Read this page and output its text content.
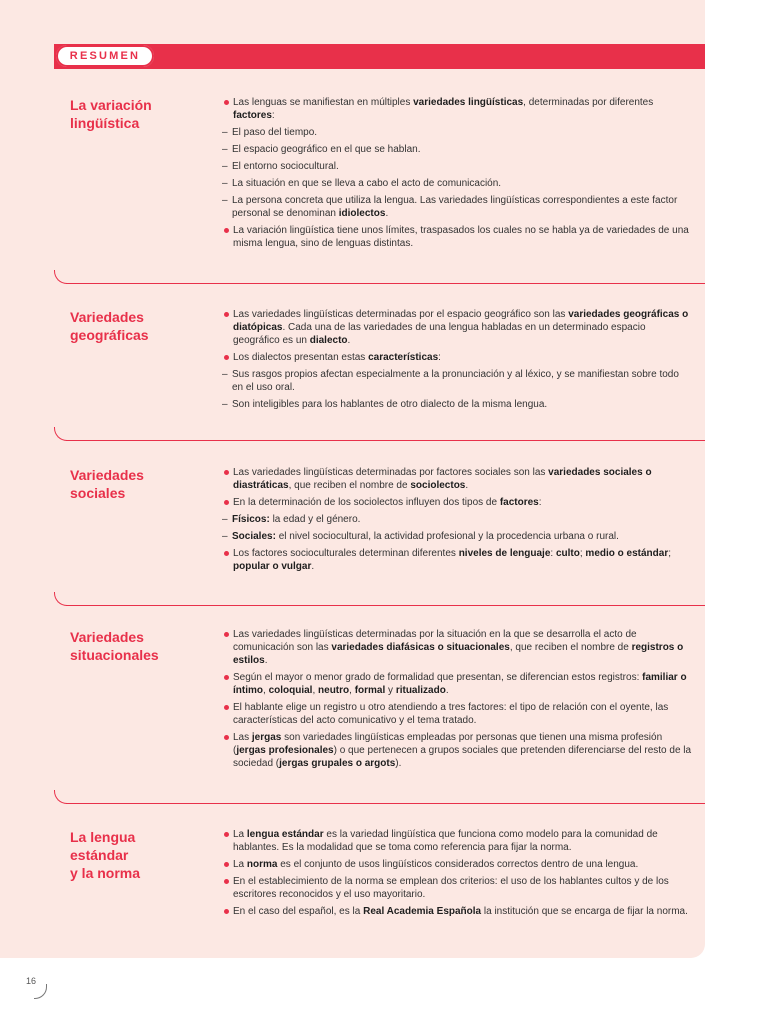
RESUMEN
La variación
lingüística

Las lenguas se manifiestan en múltiples variedades lingüísticas, determinadas por diferentes factores:

–El paso del tiempo.

–El espacio geográfico en el que se hablan.

–El entorno sociocultural.

–La situación en que se lleva a cabo el acto de comunicación.

–La persona concreta que utiliza la lengua. Las variedades lingüísticas correspondientes a este factor personal se denominan idiolectos.

La variación lingüística tiene unos límites, traspasados los cuales no se habla ya de variedades de una misma lengua, sino de lenguas distintas.

Variedades
geográficas

Las variedades lingüísticas determinadas por el espacio geográfico son las variedades geográficas o diatópicas. Cada una de las variedades de una lengua habladas en un determinado espacio geográfico es un dialecto.

Los dialectos presentan estas características:

–Sus rasgos propios afectan especialmente a la pronunciación y al léxico, y se manifiestan sobre todo en el uso oral.

–Son inteligibles para los hablantes de otro dialecto de la misma lengua.

Variedades
sociales

Las variedades lingüísticas determinadas por factores sociales son las variedades sociales o diastráticas, que reciben el nombre de sociolectos.

En la determinación de los sociolectos influyen dos tipos de factores:

–Físicos: la edad y el género.

–Sociales: el nivel sociocultural, la actividad profesional y la procedencia urbana o rural.

Los factores socioculturales determinan diferentes niveles de lenguaje: culto; medio o estándar; popular o vulgar.

Variedades
situacionales

Las variedades lingüísticas determinadas por la situación en la que se desarrolla el acto de comunicación son las variedades diafásicas o situacionales, que reciben el nombre de registros o estilos.

Según el mayor o menor grado de formalidad que presentan, se diferencian estos registros: familiar o íntimo, coloquial, neutro, formal y ritualizado.

El hablante elige un registro u otro atendiendo a tres factores: el tipo de relación con el oyente, las características del acto comunicativo y el tema tratado.

Las jergas son variedades lingüísticas empleadas por personas que tienen una misma profesión (jergas profesionales) o que pertenecen a grupos sociales que pretenden diferenciarse del resto de la sociedad (jergas grupales o argots).

La lengua
estándar
y la norma

La lengua estándar es la variedad lingüística que funciona como modelo para la comunidad de hablantes. Es la modalidad que se toma como referencia para fijar la norma.

La norma es el conjunto de usos lingüísticos considerados correctos dentro de una lengua.

En el establecimiento de la norma se emplean dos criterios: el uso de los hablantes cultos y de los escritores reconocidos y el uso mayoritario.

En el caso del español, es la Real Academia Española la institución que se encarga de fijar la norma.

16
